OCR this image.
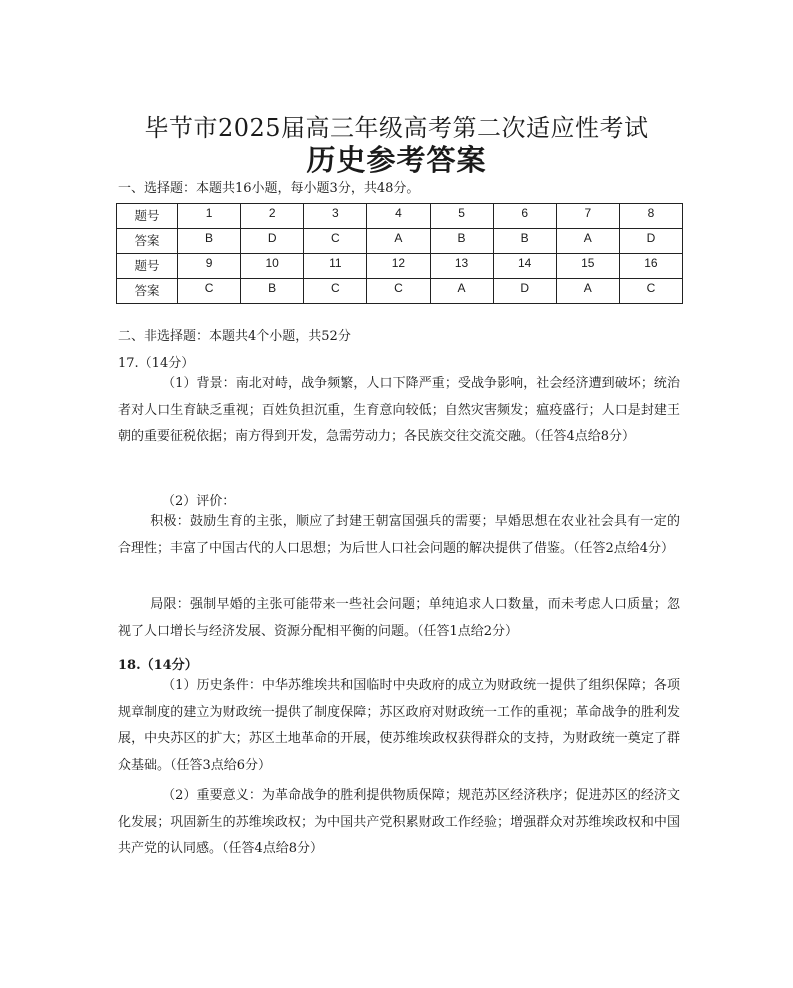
毕节市2025届高三年级高考第二次适应性考试
历史参考答案
一、选择题：本题共16小题，每小题3分，共48分。
题号	1	2	3	4	5	6	7	8
答案	B	D	C	A	B	B	A	D
题号	9	10	11	12	13	14	15	16
答案	C	B	C	C	A	D	A	C
二、非选择题：本题共4个小题，共52分
17.（14分）
（1）背景：南北对峙，战争频繁，人口下降严重；受战争影响，社会经济遭到破坏；统治者对人口生育缺乏重视；百姓负担沉重，生育意向较低；自然灾害频发；瘟疫盛行；人口是封建王朝的重要征税依据；南方得到开发，急需劳动力；各民族交往交流交融。（任答4点给8分）
（2）评价：
积极：鼓励生育的主张，顺应了封建王朝富国强兵的需要；早婚思想在农业社会具有一定的合理性；丰富了中国古代的人口思想；为后世人口社会问题的解决提供了借鉴。（任答2点给4分）
局限：强制早婚的主张可能带来一些社会问题；单纯追求人口数量，而未考虑人口质量；忽视了人口增长与经济发展、资源分配相平衡的问题。（任答1点给2分）
18.（14分）
（1）历史条件：中华苏维埃共和国临时中央政府的成立为财政统一提供了组织保障；各项规章制度的建立为财政统一提供了制度保障；苏区政府对财政统一工作的重视；革命战争的胜利发展，中央苏区的扩大；苏区土地革命的开展，使苏维埃政权获得群众的支持，为财政统一奠定了群众基础。（任答3点给6分）
（2）重要意义：为革命战争的胜利提供物质保障；规范苏区经济秩序；促进苏区的经济文化发展；巩固新生的苏维埃政权；为中国共产党积累财政工作经验；增强群众对苏维埃政权和中国共产党的认同感。（任答4点给8分）
